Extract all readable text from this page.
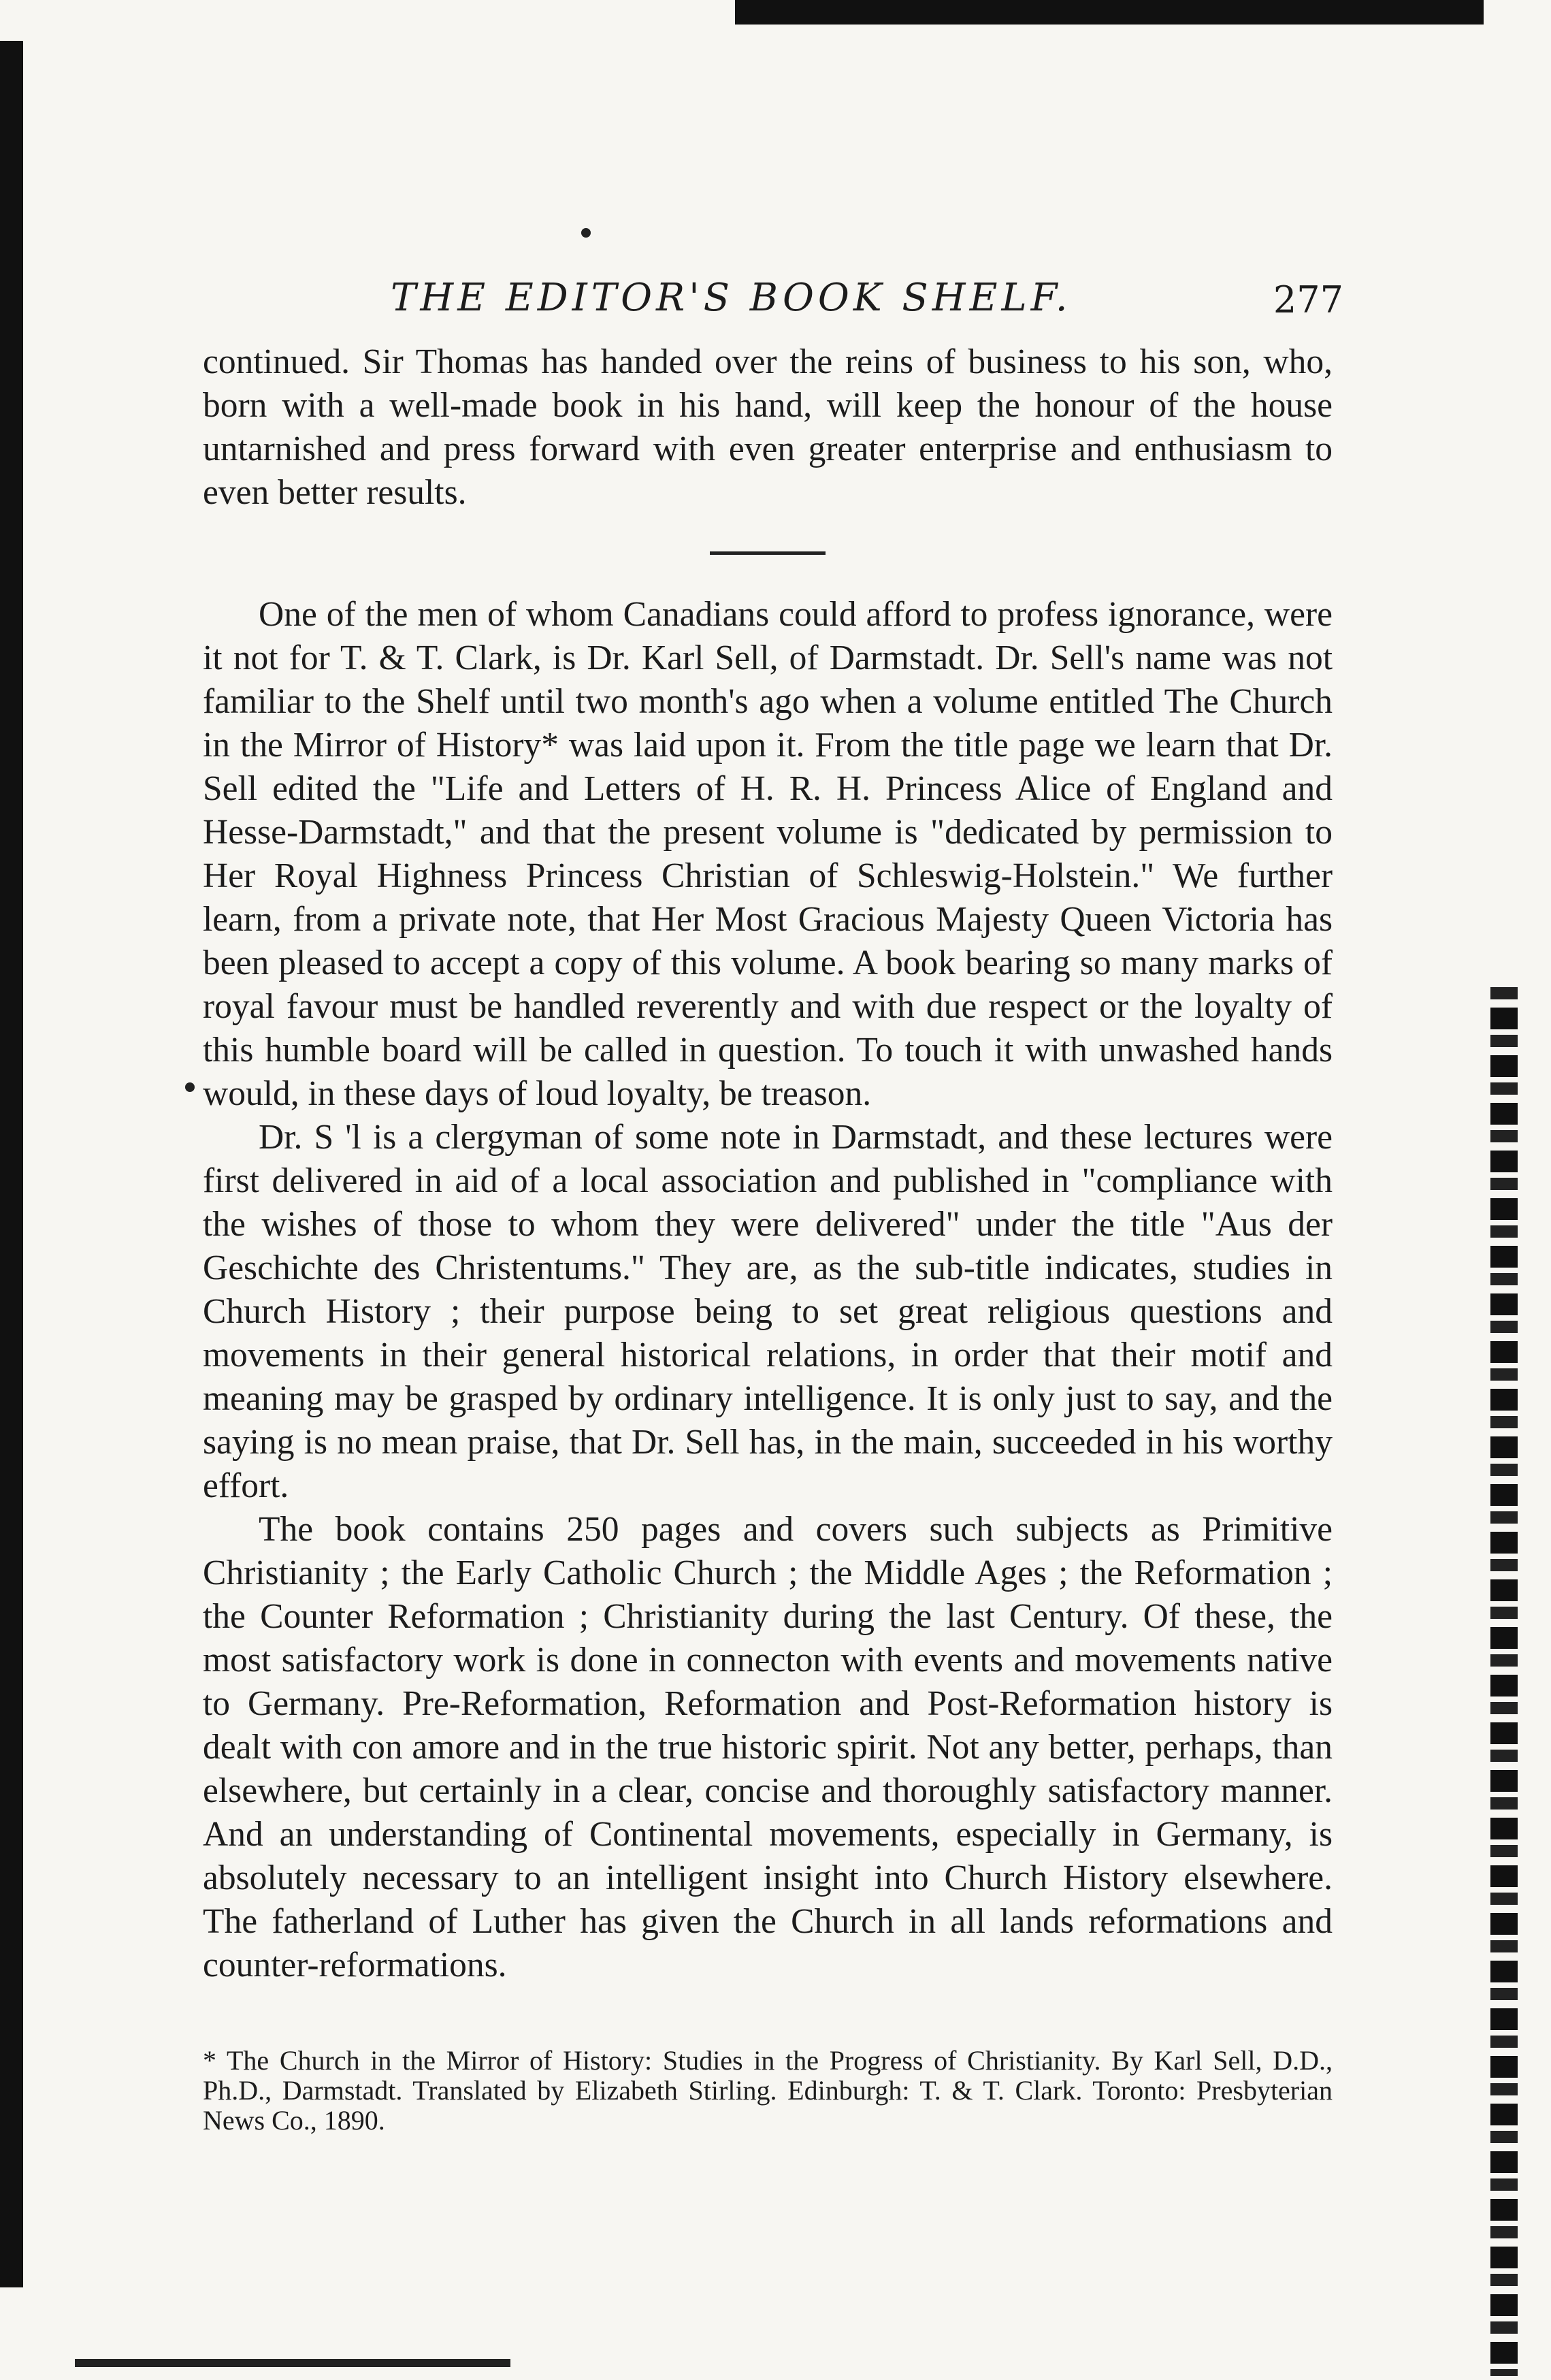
THE EDITOR'S BOOK SHELF.	277

continued. Sir Thomas has handed over the reins of business to his son, who, born with a well-made book in his hand, will keep the honour of the house untarnished and press forward with even greater enterprise and enthusiasm to even better results.

One of the men of whom Canadians could afford to profess ignorance, were it not for T. & T. Clark, is Dr. Karl Sell, of Darmstadt. Dr. Sell's name was not familiar to the Shelf until two month's ago when a volume entitled The Church in the Mirror of History* was laid upon it. From the title page we learn that Dr. Sell edited the "Life and Letters of H. R. H. Princess Alice of England and Hesse-Darmstadt," and that the present volume is "dedicated by permission to Her Royal Highness Princess Christian of Schleswig-Holstein." We further learn, from a private note, that Her Most Gracious Majesty Queen Victoria has been pleased to accept a copy of this volume. A book bearing so many marks of royal favour must be handled reverently and with due respect or the loyalty of this humble board will be called in question. To touch it with unwashed hands would, in these days of loud loyalty, be treason.

Dr. S 'l is a clergyman of some note in Darmstadt, and these lectures were first delivered in aid of a local association and published in "compliance with the wishes of those to whom they were delivered" under the title "Aus der Geschichte des Christentums." They are, as the sub-title indicates, studies in Church History ; their purpose being to set great religious questions and movements in their general historical relations, in order that their motif and meaning may be grasped by ordinary intelligence. It is only just to say, and the saying is no mean praise, that Dr. Sell has, in the main, succeeded in his worthy effort.

The book contains 250 pages and covers such subjects as Primitive Christianity ; the Early Catholic Church ; the Middle Ages ; the Reformation ; the Counter Reformation ; Christianity during the last Century. Of these, the most satisfactory work is done in connecton with events and movements native to Germany. Pre-Reformation, Reformation and Post-Reformation history is dealt with con amore and in the true historic spirit. Not any better, perhaps, than elsewhere, but certainly in a clear, concise and thoroughly satisfactory manner. And an understanding of Continental movements, especially in Germany, is absolutely necessary to an intelligent insight into Church History elsewhere. The fatherland of Luther has given the Church in all lands reformations and counter-reformations.

* The Church in the Mirror of History: Studies in the Progress of Christianity. By Karl Sell, D.D., Ph.D., Darmstadt. Translated by Elizabeth Stirling. Edinburgh: T. & T. Clark. Toronto: Presbyterian News Co., 1890.
